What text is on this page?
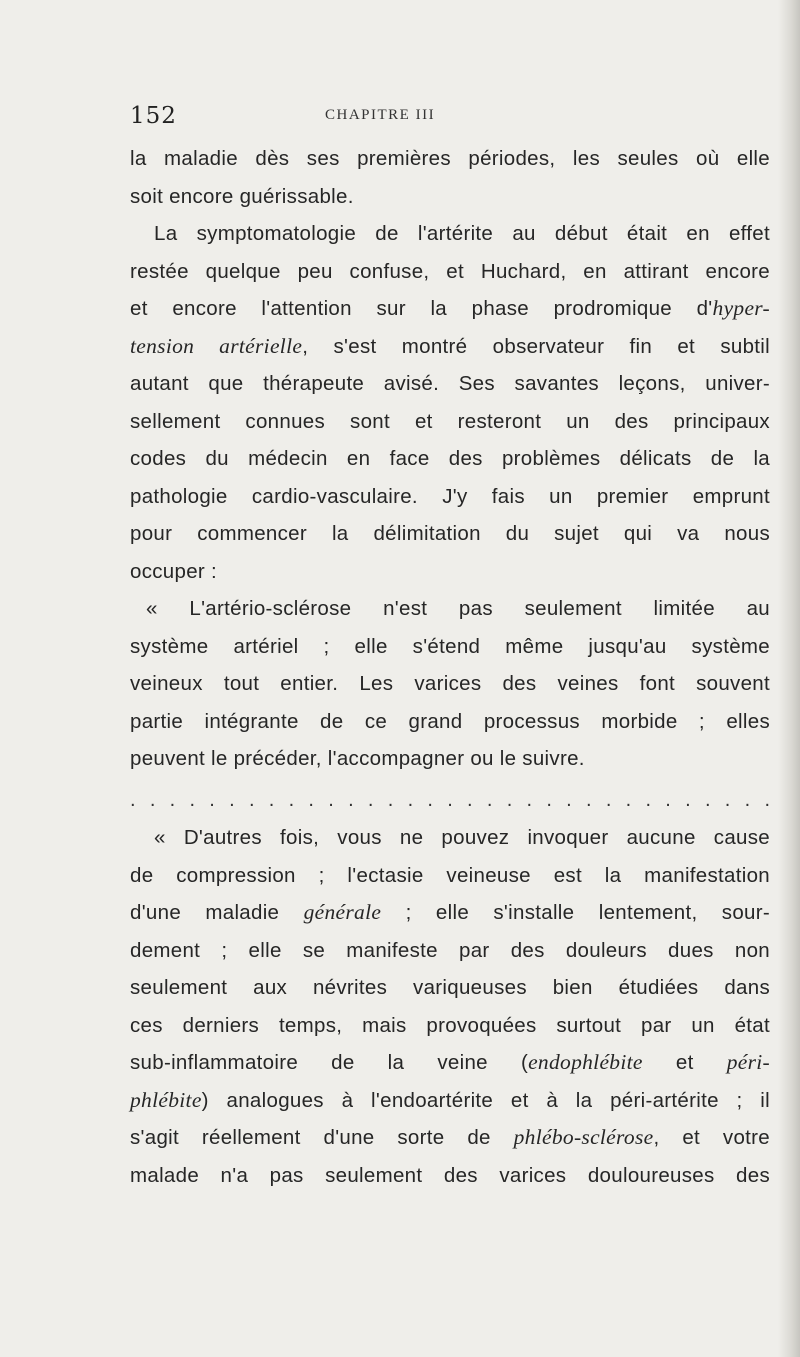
152	CHAPITRE III
la maladie dès ses premières périodes, les seules où elle
soit encore guérissable.
La symptomatologie de l'artérite au début était en effet
restée quelque peu confuse, et Huchard, en attirant encore
et encore l'attention sur la phase prodromique d'hyper-
tension artérielle, s'est montré observateur fin et subtil
autant que thérapeute avisé. Ses savantes leçons, univer-
sellement connues sont et resteront un des principaux
codes du médecin en face des problèmes délicats de la
pathologie cardio-vasculaire. J'y fais un premier emprunt
pour commencer la délimitation du sujet qui va nous
occuper :
« L'artério-sclérose n'est pas seulement limitée au
système artériel ; elle s'étend même jusqu'au système
veineux tout entier. Les varices des veines font souvent
partie intégrante de ce grand processus morbide ; elles
peuvent le précéder, l'accompagner ou le suivre.
. . . . . . . . . . . . . . . . . . . . . . . . . . . . . . . . .
« D'autres fois, vous ne pouvez invoquer aucune cause
de compression ; l'ectasie veineuse est la manifestation
d'une maladie générale ; elle s'installe lentement, sour-
dement ; elle se manifeste par des douleurs dues non
seulement aux névrites variqueuses bien étudiées dans
ces derniers temps, mais provoquées surtout par un état
sub-inflammatoire de la veine (endophlébite et péri-
phlébite) analogues à l'endoartérite et à la péri-artérite ; il
s'agit réellement d'une sorte de phlébo-sclérose, et votre
malade n'a pas seulement des varices douloureuses des
